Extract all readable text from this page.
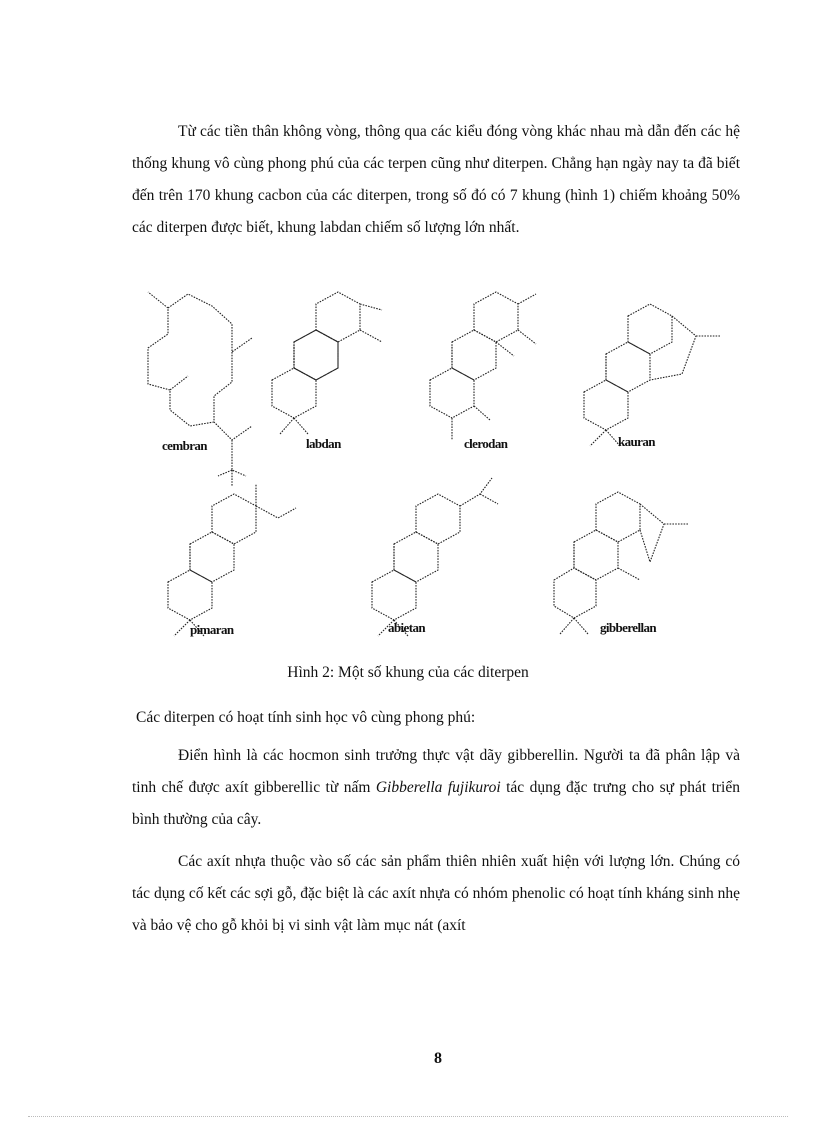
Từ các tiền thân không vòng, thông qua các kiểu đóng vòng khác nhau mà dẫn đến các hệ thống khung vô cùng phong phú của các terpen cũng như diterpen. Chẳng hạn ngày nay ta đã biết đến trên 170 khung cacbon của các diterpen, trong số đó có 7 khung (hình 1) chiếm khoảng 50% các diterpen được biết, khung labdan chiếm số lượng lớn nhất.
cembran	labdan	clerodan	kauran
pimaran	abietan	gibberellan
Hình 2: Một số khung của các diterpen
Các diterpen có hoạt tính sinh học vô cùng phong phú:
Điển hình là các hocmon sinh trưởng thực vật dãy gibberellin. Người ta đã phân lập và tinh chế được axít gibberellic từ nấm Gibberella fujikuroi tác dụng đặc trưng cho sự phát triển bình thường của cây.
Các axít nhựa thuộc vào số các sản phẩm thiên nhiên xuất hiện với lượng lớn. Chúng có tác dụng cố kết các sợi gỗ, đặc biệt là các axít nhựa có nhóm phenolic có hoạt tính kháng sinh nhẹ và bảo vệ cho gỗ khỏi bị vi sinh vật làm mục nát (axít
8
